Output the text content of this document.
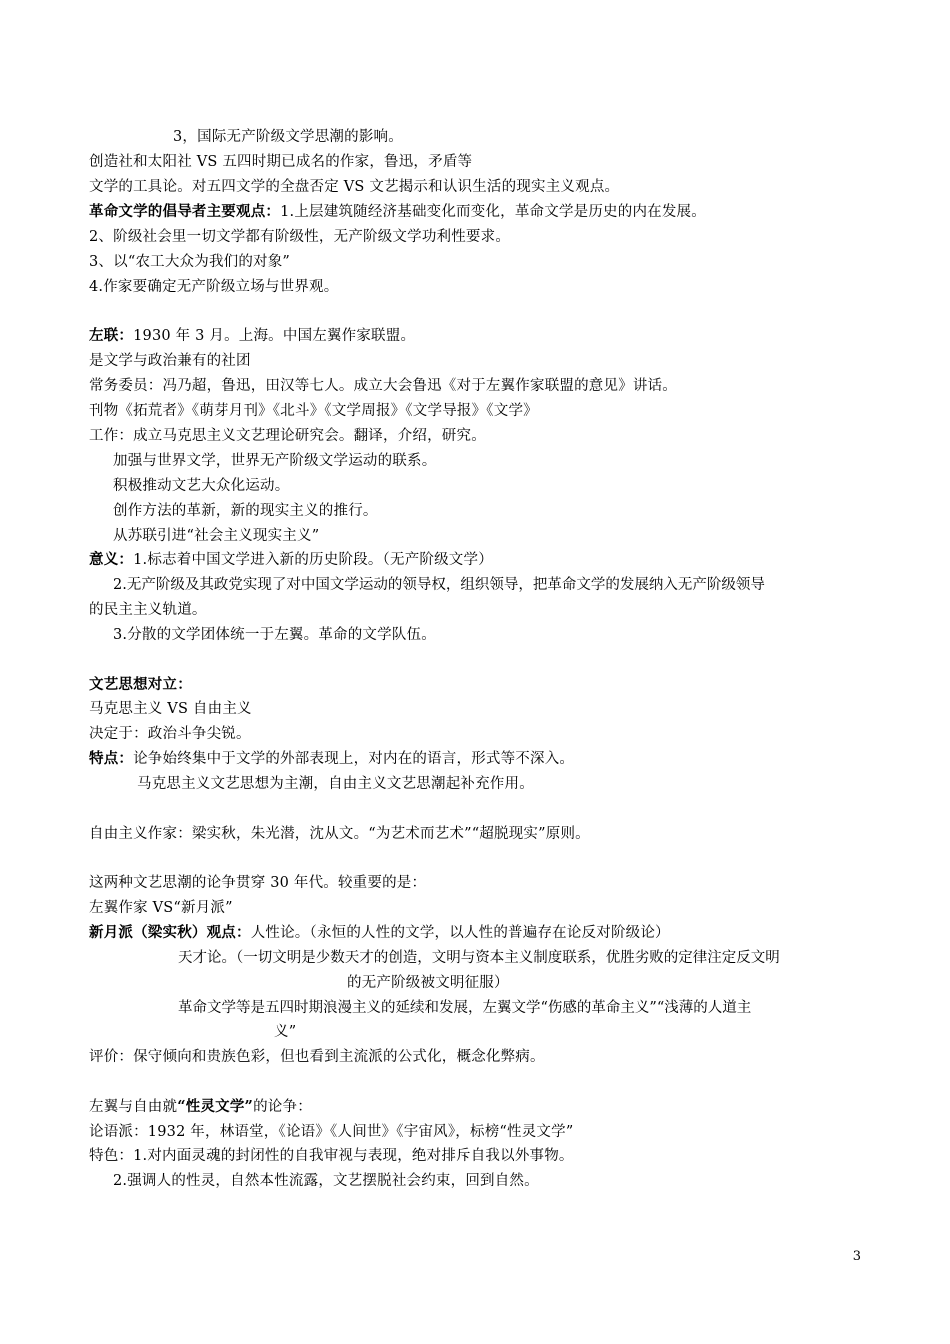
3，国际无产阶级文学思潮的影响。
创造社和太阳社 VS 五四时期已成名的作家，鲁迅，矛盾等
文学的工具论。对五四文学的全盘否定 VS 文艺揭示和认识生活的现实主义观点。
革命文学的倡导者主要观点：1.上层建筑随经济基础变化而变化，革命文学是历史的内在发展。
2、阶级社会里一切文学都有阶级性，无产阶级文学功利性要求。
3、以“农工大众为我们的对象”
4.作家要确定无产阶级立场与世界观。
左联：1930 年 3 月。上海。中国左翼作家联盟。
是文学与政治兼有的社团
常务委员：冯乃超，鲁迅，田汉等七人。成立大会鲁迅《对于左翼作家联盟的意见》讲话。
刊物《拓荒者》《萌芽月刊》《北斗》《文学周报》《文学导报》《文学》
工作：成立马克思主义文艺理论研究会。翻译，介绍，研究。
加强与世界文学，世界无产阶级文学运动的联系。
积极推动文艺大众化运动。
创作方法的革新，新的现实主义的推行。
从苏联引进“社会主义现实主义”
意义：1.标志着中国文学进入新的历史阶段。（无产阶级文学）
2.无产阶级及其政党实现了对中国文学运动的领导权，组织领导，把革命文学的发展纳入无产阶级领导
的民主主义轨道。
3.分散的文学团体统一于左翼。革命的文学队伍。
文艺思想对立：
马克思主义 VS 自由主义
决定于：政治斗争尖锐。
特点：论争始终集中于文学的外部表现上，对内在的语言，形式等不深入。
马克思主义文艺思想为主潮，自由主义文艺思潮起补充作用。
自由主义作家：梁实秋，朱光潜，沈从文。“为艺术而艺术”“超脱现实”原则。
这两种文艺思潮的论争贯穿 30 年代。较重要的是：
左翼作家 VS“新月派”
新月派（梁实秋）观点：人性论。（永恒的人性的文学，以人性的普遍存在论反对阶级论）
天才论。（一切文明是少数天才的创造，文明与资本主义制度联系，优胜劣败的定律注定反文明
的无产阶级被文明征服）
革命文学等是五四时期浪漫主义的延续和发展，左翼文学“伤感的革命主义”“浅薄的人道主
义”
评价：保守倾向和贵族色彩，但也看到主流派的公式化，概念化弊病。
左翼与自由就“性灵文学”的论争：
论语派：1932 年，林语堂，《论语》《人间世》《宇宙风》，标榜“性灵文学”
特色：1.对内面灵魂的封闭性的自我审视与表现，绝对排斥自我以外事物。
2.强调人的性灵，自然本性流露，文艺摆脱社会约束，回到自然。
3
